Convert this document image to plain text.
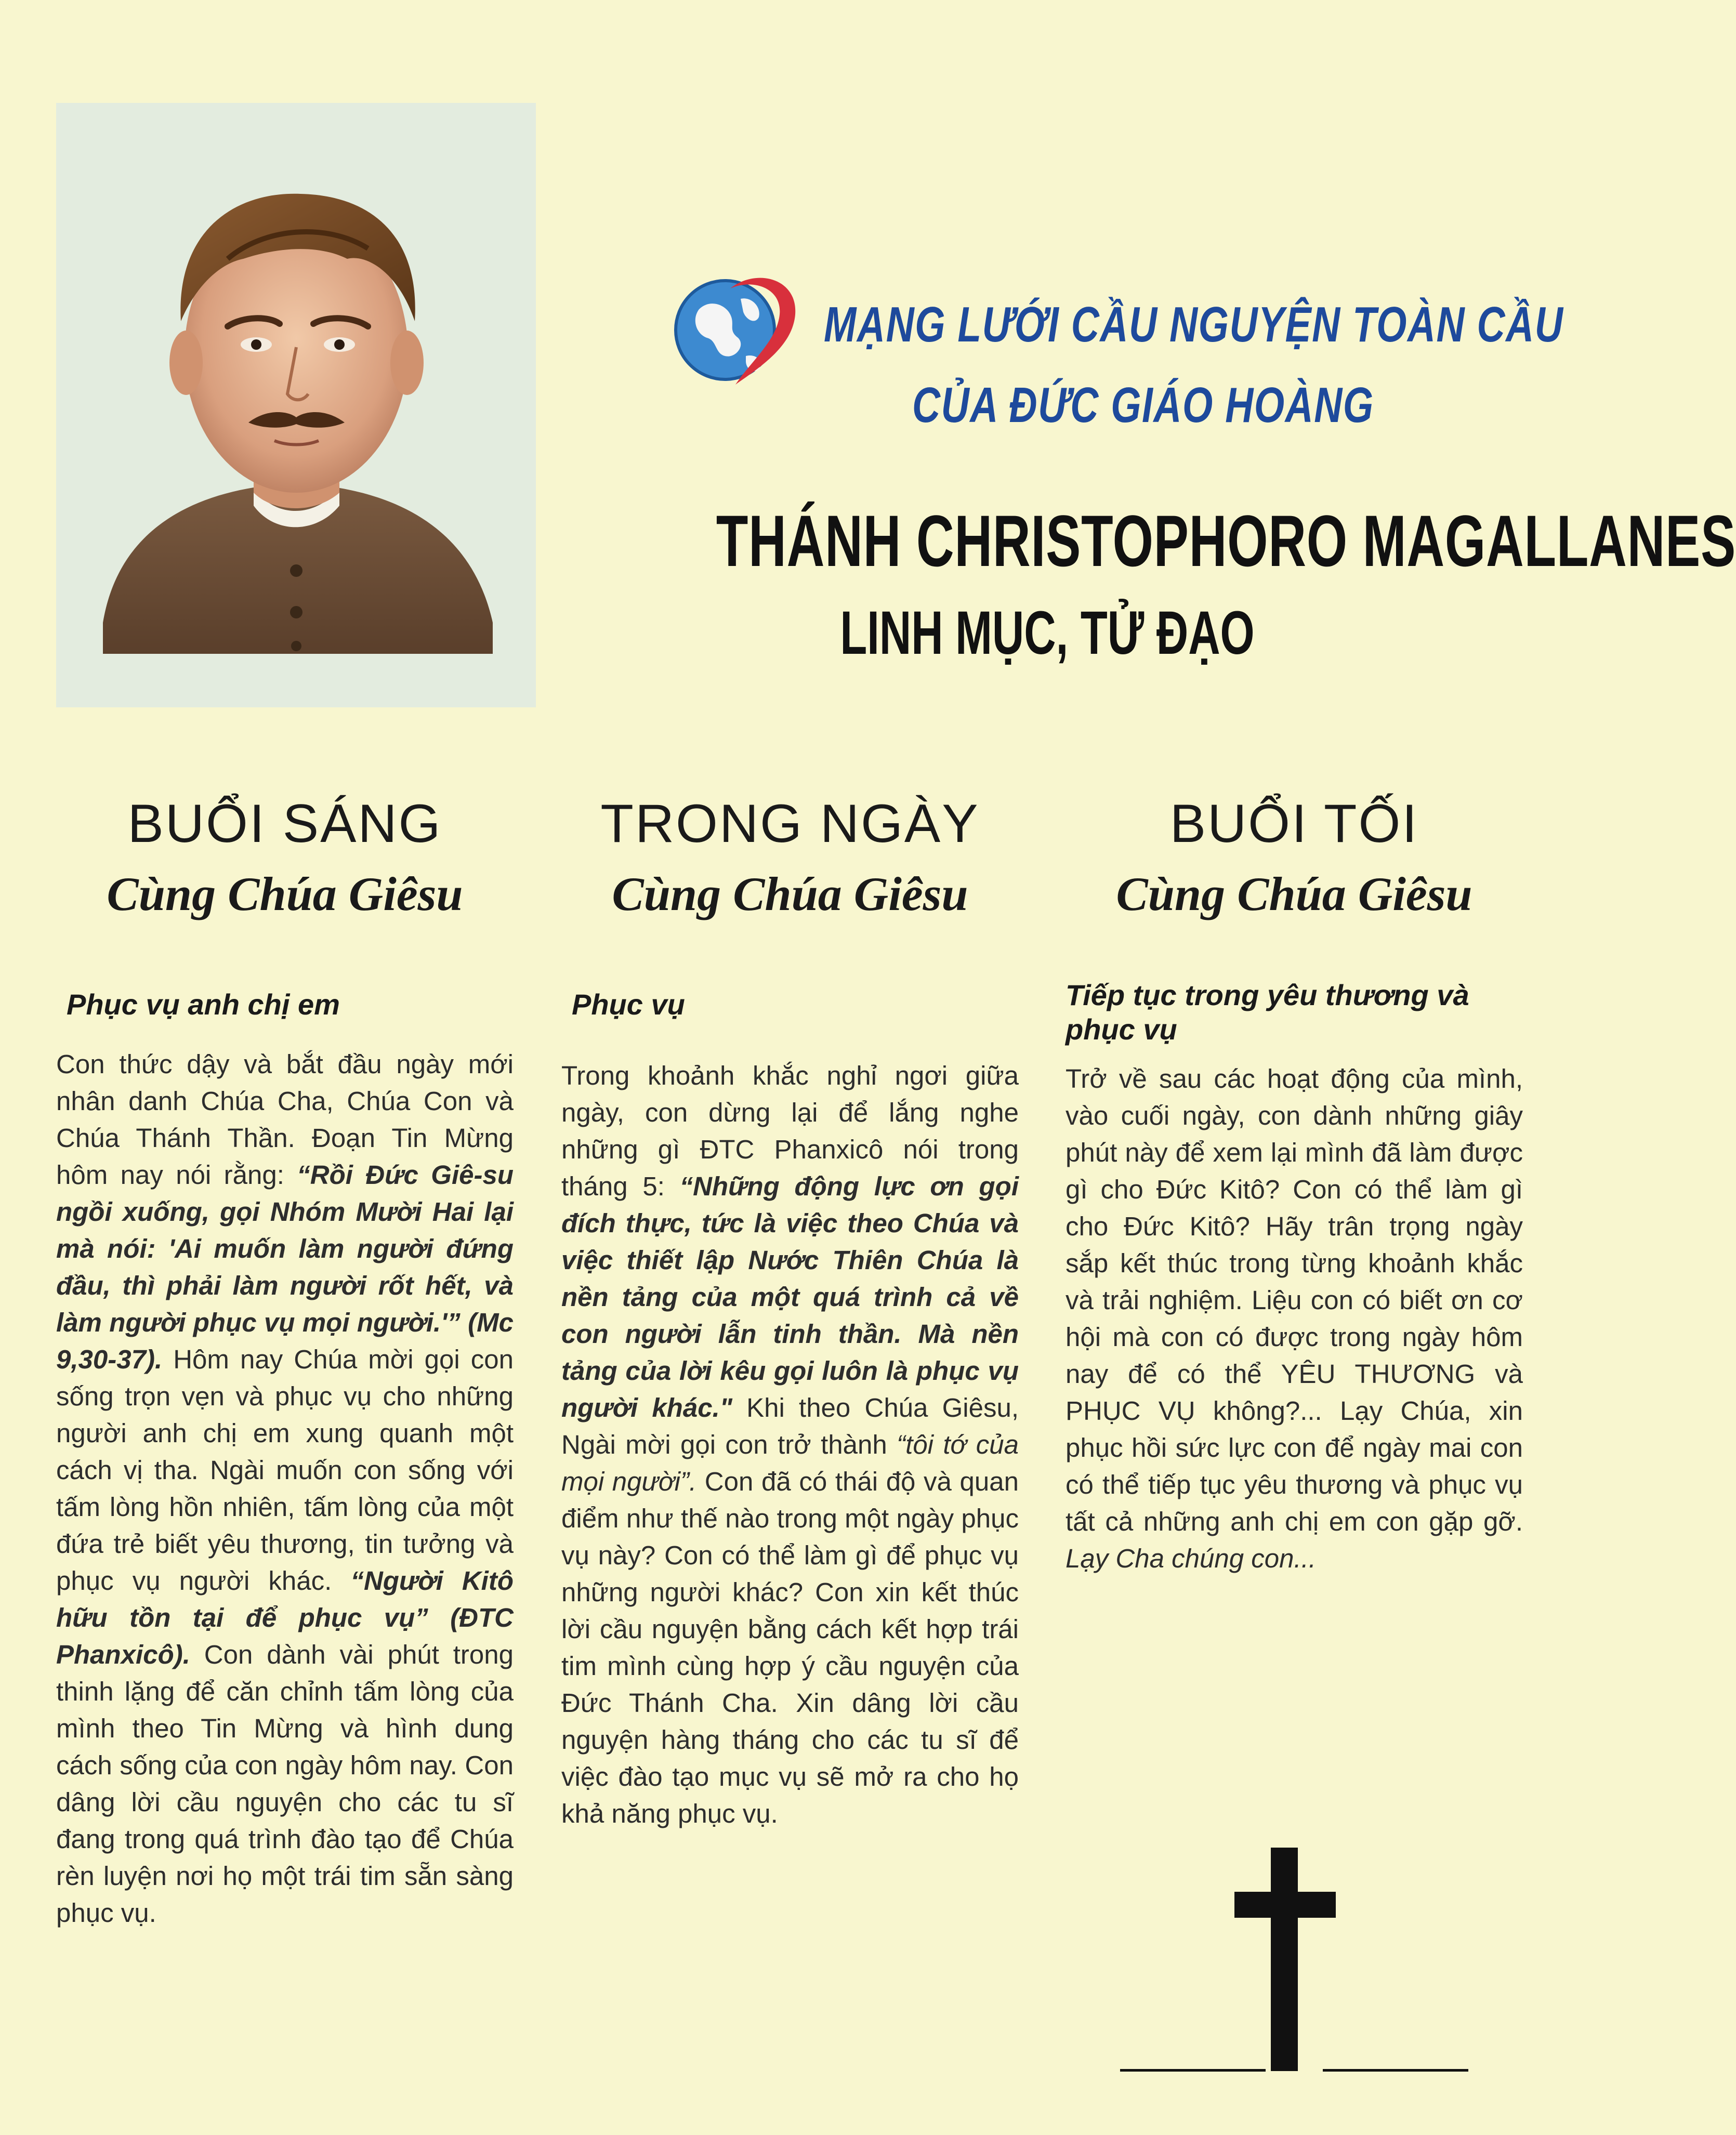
MẠNG LƯỚI CẦU NGUYỆN TOÀN CẦU
CỦA ĐỨC GIÁO HOÀNG
THÁNH CHRISTOPHORO MAGALLANES
LINH MỤC, TỬ ĐẠO
BUỔI SÁNG
Cùng Chúa Giêsu
Phục vụ anh chị em
Con thức dậy và bắt đầu ngày mới nhân danh Chúa Cha, Chúa Con và Chúa Thánh Thần. Đoạn Tin Mừng hôm nay nói rằng: “Rồi Đức Giê-su ngồi xuống, gọi Nhóm Mười Hai lại mà nói: 'Ai muốn làm người đứng đầu, thì phải làm người rốt hết, và làm người phục vụ mọi người.'” (Mc 9,30-37). Hôm nay Chúa mời gọi con sống trọn vẹn và phục vụ cho những người anh chị em xung quanh một cách vị tha. Ngài muốn con sống với tấm lòng hồn nhiên, tấm lòng của một đứa trẻ biết yêu thương, tin tưởng và phục vụ người khác. “Người Kitô hữu tồn tại để phục vụ” (ĐTC Phanxicô). Con dành vài phút trong thinh lặng để căn chỉnh tấm lòng của mình theo Tin Mừng và hình dung cách sống của con ngày hôm nay. Con dâng lời cầu nguyện cho các tu sĩ đang trong quá trình đào tạo để Chúa rèn luyện nơi họ một trái tim sẵn sàng phục vụ.
TRONG NGÀY
Cùng Chúa Giêsu
Phục vụ
Trong khoảnh khắc nghỉ ngơi giữa ngày, con dừng lại để lắng nghe những gì ĐTC Phanxicô nói trong tháng 5: “Những động lực ơn gọi đích thực, tức là việc theo Chúa và việc thiết lập Nước Thiên Chúa là nền tảng của một quá trình cả về con người lẫn tinh thần. Mà nền tảng của lời kêu gọi luôn là phục vụ người khác." Khi theo Chúa Giêsu, Ngài mời gọi con trở thành “tôi tớ của mọi người”. Con đã có thái độ và quan điểm như thế nào trong một ngày phục vụ này? Con có thể làm gì để phục vụ những người khác? Con xin kết thúc lời cầu nguyện bằng cách kết hợp trái tim mình cùng hợp ý cầu nguyện của Đức Thánh Cha. Xin dâng lời cầu nguyện hàng tháng cho các tu sĩ để việc đào tạo mục vụ sẽ mở ra cho họ khả năng phục vụ.
BUỔI TỐI
Cùng Chúa Giêsu
Tiếp tục trong yêu thương và phục vụ
Trở về sau các hoạt động của mình, vào cuối ngày, con dành những giây phút này để xem lại mình đã làm được gì cho Đức Kitô? Con có thể làm gì cho Đức Kitô? Hãy trân trọng ngày sắp kết thúc trong từng khoảnh khắc và trải nghiệm. Liệu con có biết ơn cơ hội mà con có được trong ngày hôm nay để có thể YÊU THƯƠNG và PHỤC VỤ không?... Lạy Chúa, xin phục hồi sức lực con để ngày mai con có thể tiếp tục yêu thương và phục vụ tất cả những anh chị em con gặp gỡ. Lạy Cha chúng con...
